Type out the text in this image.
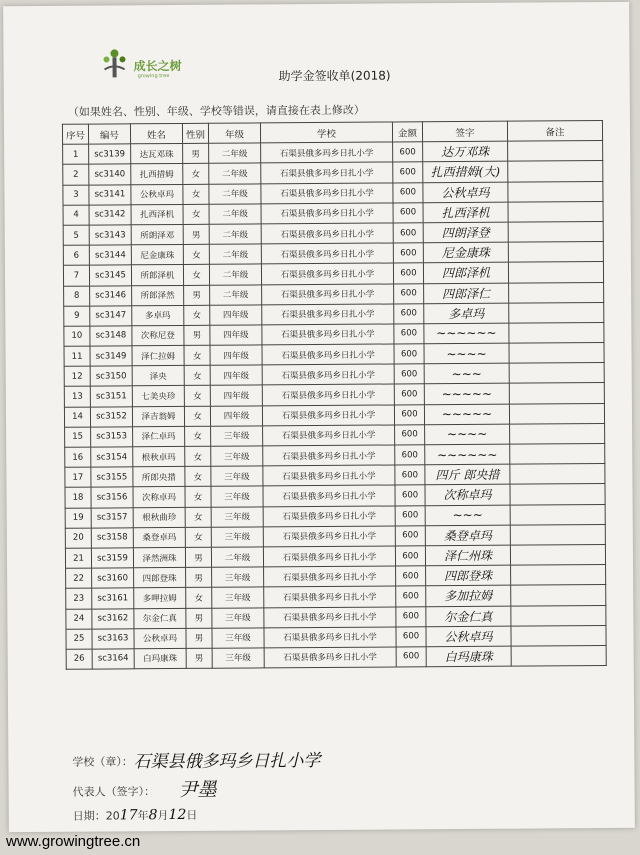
成长之树
growing tree	助学金签收单(2018)
（如果姓名、性别、年级、学校等错误，请直接在表上修改）
序号	编号	姓名	性别	年级	学校	金额	签字	备注
1	sc3139	达瓦邓珠	男	二年级	石渠县俄多玛乡日扎小学	600	达万邓珠	
2	sc3140	扎西措姆	女	二年级	石渠县俄多玛乡日扎小学	600	扎西措姆(大)	
3	sc3141	公秋卓玛	女	二年级	石渠县俄多玛乡日扎小学	600	公秋卓玛	
4	sc3142	扎西泽机	女	二年级	石渠县俄多玛乡日扎小学	600	扎西泽机	
5	sc3143	所朗泽邓	男	二年级	石渠县俄多玛乡日扎小学	600	四朗泽登	
6	sc3144	尼金康珠	女	二年级	石渠县俄多玛乡日扎小学	600	尼金康珠	
7	sc3145	所郎泽机	女	二年级	石渠县俄多玛乡日扎小学	600	四郎泽机	
8	sc3146	所郎泽然	男	二年级	石渠县俄多玛乡日扎小学	600	四郎泽仁	
9	sc3147	多卓玛	女	四年级	石渠县俄多玛乡日扎小学	600	多卓玛	
10	sc3148	次称尼登	男	四年级	石渠县俄多玛乡日扎小学	600	~~~~~~	
11	sc3149	泽仁拉姆	女	四年级	石渠县俄多玛乡日扎小学	600	~~~~	
12	sc3150	泽央	女	四年级	石渠县俄多玛乡日扎小学	600	~~~	
13	sc3151	七美央珍	女	四年级	石渠县俄多玛乡日扎小学	600	~~~~~	
14	sc3152	泽吉翁姆	女	四年级	石渠县俄多玛乡日扎小学	600	~~~~~	
15	sc3153	泽仁卓玛	女	三年级	石渠县俄多玛乡日扎小学	600	~~~~	
16	sc3154	根秋卓玛	女	三年级	石渠县俄多玛乡日扎小学	600	~~~~~~	
17	sc3155	所郎央措	女	三年级	石渠县俄多玛乡日扎小学	600	四斤 郎央措	
18	sc3156	次称卓玛	女	三年级	石渠县俄多玛乡日扎小学	600	次称卓玛	
19	sc3157	根秋曲珍	女	三年级	石渠县俄多玛乡日扎小学	600	~~~	
20	sc3158	桑登卓玛	女	三年级	石渠县俄多玛乡日扎小学	600	桑登卓玛	
21	sc3159	泽然洲珠	男	二年级	石渠县俄多玛乡日扎小学	600	泽仁州珠	
22	sc3160	四郎登珠	男	三年级	石渠县俄多玛乡日扎小学	600	四郎登珠	
23	sc3161	多呷拉姆	女	三年级	石渠县俄多玛乡日扎小学	600	多加拉姆	
24	sc3162	尔金仁真	男	三年级	石渠县俄多玛乡日扎小学	600	尔金仁真	
25	sc3163	公秋卓玛	男	三年级	石渠县俄多玛乡日扎小学	600	公秋卓玛	
26	sc3164	白玛康珠	男	三年级	石渠县俄多玛乡日扎小学	600	白玛康珠	
学校（章）： 石渠县俄多玛乡日扎小学
代表人（签字）： 尹墨
日期：2017年8月12日
www.growingtree.cn
